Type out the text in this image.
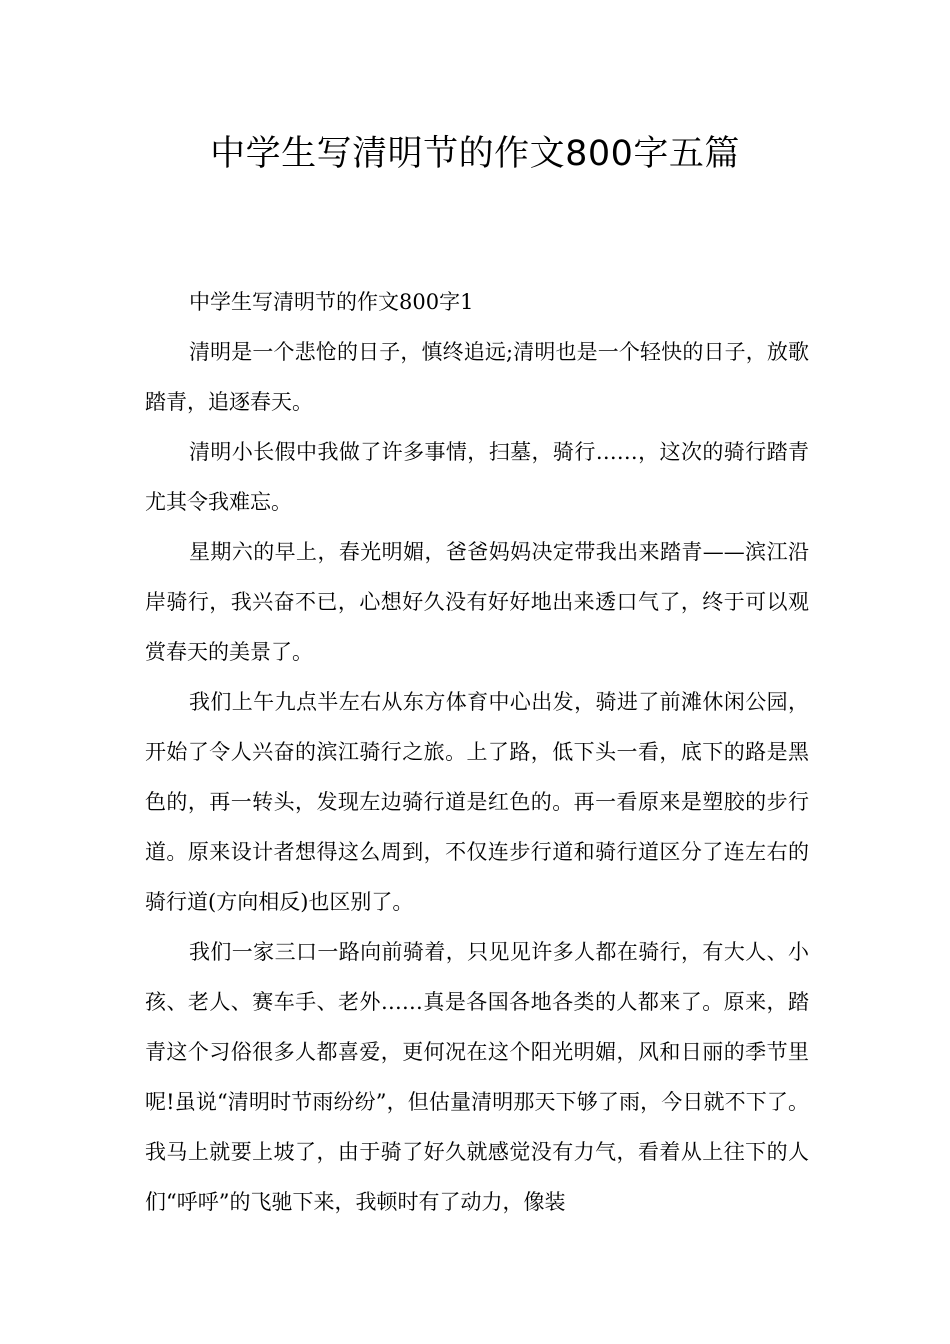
中学生写清明节的作文800字五篇

中学生写清明节的作文800字1

清明是一个悲怆的日子，慎终追远;清明也是一个轻快的日子，放歌踏青，追逐春天。

清明小长假中我做了许多事情，扫墓，骑行……，这次的骑行踏青尤其令我难忘。

星期六的早上，春光明媚，爸爸妈妈决定带我出来踏青——滨江沿岸骑行，我兴奋不已，心想好久没有好好地出来透口气了，终于可以观赏春天的美景了。

我们上午九点半左右从东方体育中心出发，骑进了前滩休闲公园，开始了令人兴奋的滨江骑行之旅。上了路，低下头一看，底下的路是黑色的，再一转头，发现左边骑行道是红色的。再一看原来是塑胶的步行道。原来设计者想得这么周到，不仅连步行道和骑行道区分了连左右的骑行道(方向相反)也区别了。

我们一家三口一路向前骑着，只见见许多人都在骑行，有大人、小孩、老人、赛车手、老外……真是各国各地各类的人都来了。原来，踏青这个习俗很多人都喜爱，更何况在这个阳光明媚，风和日丽的季节里呢!虽说“清明时节雨纷纷”，但估量清明那天下够了雨，今日就不下了。我马上就要上坡了，由于骑了好久就感觉没有力气，看着从上往下的人们“呼呼”的飞驰下来，我顿时有了动力，像装
